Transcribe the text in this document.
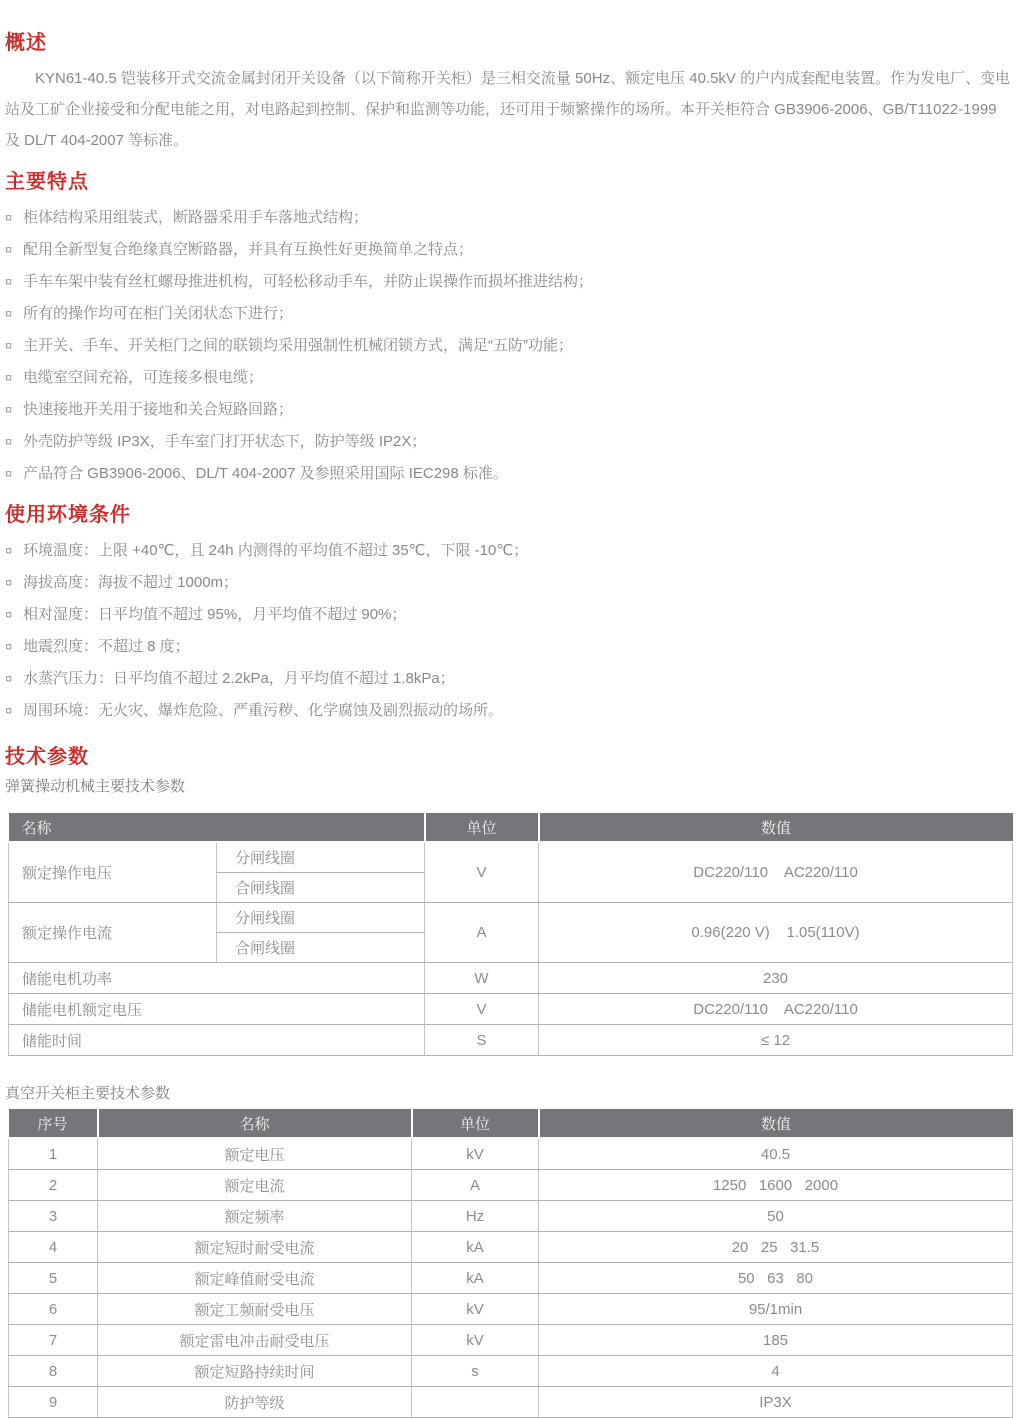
概述

KYN61-40.5 铠装移开式交流金属封闭开关设备（以下简称开关柜）是三相交流量 50Hz、额定电压 40.5kV 的户内成套配电装置。作为发电厂、变电站及工矿企业接受和分配电能之用，对电路起到控制、保护和监测等功能，还可用于频繁操作的场所。本开关柜符合 GB3906-2006、GB/T11022-1999 及 DL/T 404-2007 等标准。

主要特点
¤ 柜体结构采用组装式，断路器采用手车落地式结构；
¤ 配用全新型复合绝缘真空断路器，并具有互换性好更换简单之特点；
¤ 手车车架中装有丝杠螺母推进机构，可轻松移动手车，并防止误操作而损坏推进结构；
¤ 所有的操作均可在柜门关闭状态下进行；
¤ 主开关、手车、开关柜门之间的联锁均采用强制性机械闭锁方式，满足“五防”功能；
¤ 电缆室空间充裕，可连接多根电缆；
¤ 快速接地开关用于接地和关合短路回路；
¤ 外壳防护等级 IP3X，手车室门打开状态下，防护等级 IP2X；
¤ 产品符合 GB3906-2006、DL/T 404-2007 及参照采用国际 IEC298 标准。
使用环境条件
¤ 环境温度：上限 +40℃，且 24h 内测得的平均值不超过 35℃，下限 -10℃；
¤ 海拔高度：海拔不超过 1000m；
¤ 相对湿度：日平均值不超过 95%，月平均值不超过 90%；
¤ 地震烈度：不超过 8 度；
¤ 水蒸汽压力：日平均值不超过 2.2kPa，月平均值不超过 1.8kPa；
¤ 周围环境：无火灾、爆炸危险、严重污秽、化学腐蚀及剧烈振动的场所。
技术参数

弹簧操动机械主要技术参数

名称		单位	数值
额定操作电压	分闸线圈	V	DC220/110    AC220/110
	合闸线圈		
额定操作电流	分闸线圈	A	0.96(220 V)    1.05(110V)
	合闸线圈		
储能电机功率		W	230
储能电机额定电压		V	DC220/110    AC220/110
储能时间		S	≤ 12

真空开关柜主要技术参数

序号	名称	单位	数值
1	额定电压	kV	40.5
2	额定电流	A	1250   1600   2000
3	额定频率	Hz	50
4	额定短时耐受电流	kA	20   25   31.5
5	额定峰值耐受电流	kA	50   63   80
6	额定工频耐受电压	kV	95/1min
7	额定雷电冲击耐受电压	kV	185
8	额定短路持续时间	s	4
9	防护等级		IP3X
